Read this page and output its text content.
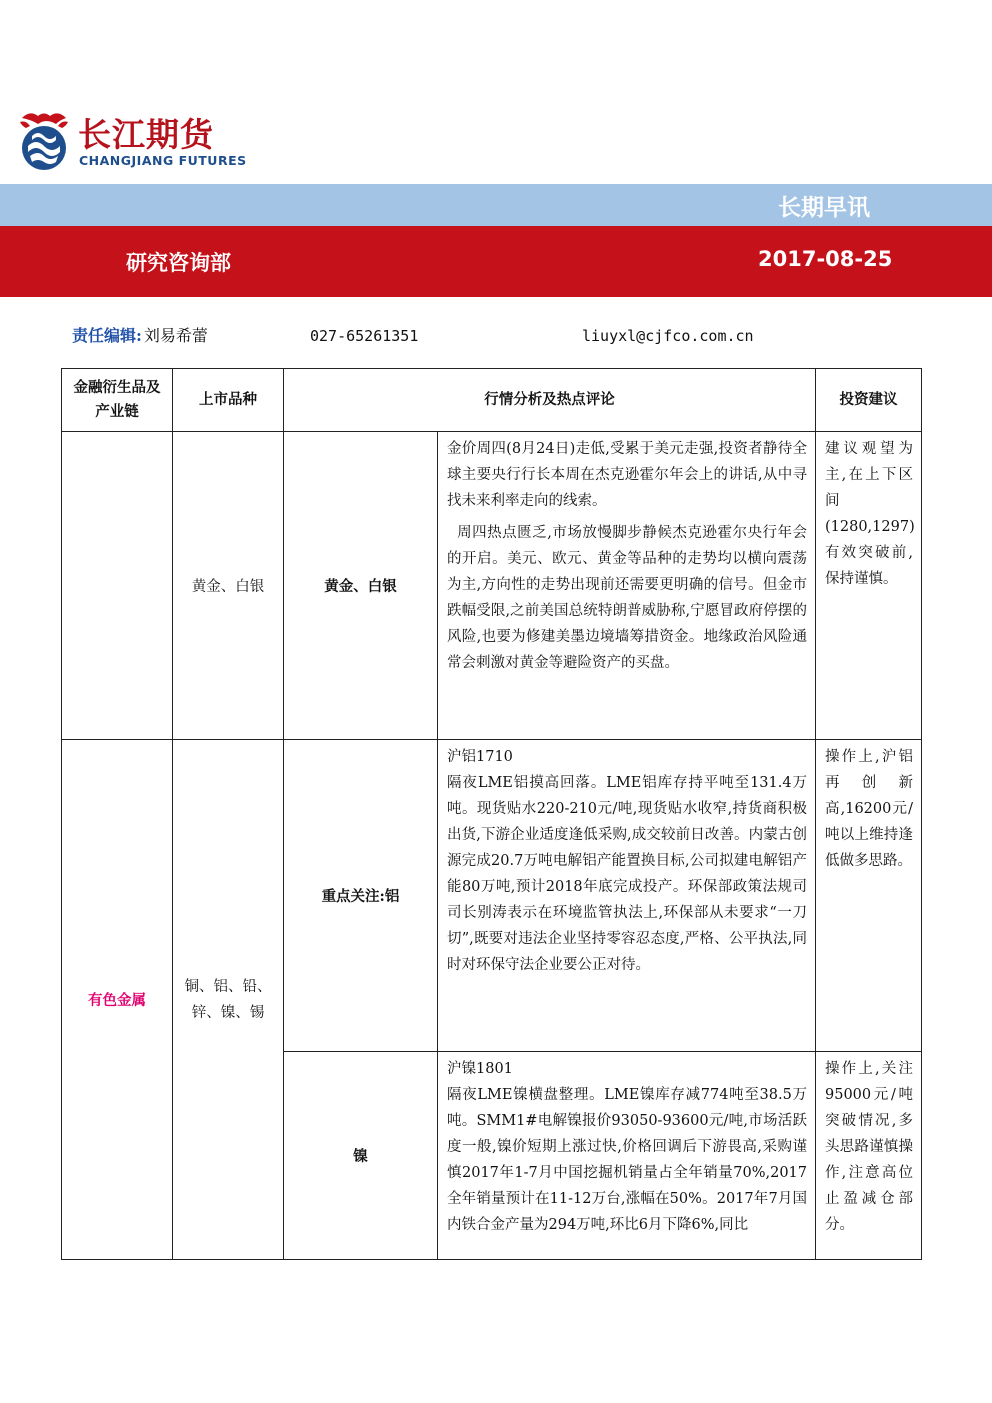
长江期货
CHANGJIANG FUTURES
长期早讯
研究咨询部	2017-08-25
责任编辑: 刘易希蕾	027-65261351	liuyxl@cjfco.com.cn
金融衍生品及产业链	上市品种	行情分析及热点评论		投资建议
	黄金、白银	黄金、白银	金价周四(8月24日)走低,受累于美元走强,投资者静待全球主要央行行长本周在杰克逊霍尔年会上的讲话,从中寻找未来利率走向的线索。

周四热点匮乏,市场放慢脚步静候杰克逊霍尔央行年会的开启。美元、欧元、黄金等品种的走势均以横向震荡为主,方向性的走势出现前还需要更明确的信号。但金市跌幅受限,之前美国总统特朗普威胁称,宁愿冒政府停摆的风险,也要为修建美墨边境墙筹措资金。地缘政治风险通常会刺激对黄金等避险资产的买盘。	建议观望为主,在上下区间(1280,1297)有效突破前,保持谨慎。
有色金属	铜、铝、铅、锌、镍、锡	重点关注:铝	沪铝1710
隔夜LME铝摸高回落。LME铝库存持平吨至131.4万吨。现货贴水220-210元/吨,现货贴水收窄,持货商积极出货,下游企业适度逢低采购,成交较前日改善。内蒙古创源完成20.7万吨电解铝产能置换目标,公司拟建电解铝产能80万吨,预计2018年底完成投产。环保部政策法规司司长别涛表示在环境监管执法上,环保部从未要求“一刀切”,既要对违法企业坚持零容忍态度,严格、公平执法,同时对环保守法企业要公正对待。	操作上,沪铝再创新高,16200元/吨以上维持逢低做多思路。
		镍	沪镍1801
隔夜LME镍横盘整理。LME镍库存减774吨至38.5万吨。SMM1#电解镍报价93050-93600元/吨,市场活跃度一般,镍价短期上涨过快,价格回调后下游畏高,采购谨慎2017年1-7月中国挖掘机销量占全年销量70%,2017全年销量预计在11-12万台,涨幅在50%。2017年7月国内铁合金产量为294万吨,环比6月下降6%,同比	操作上,关注95000元/吨突破情况,多头思路谨慎操作,注意高位止盈减仓部分。
